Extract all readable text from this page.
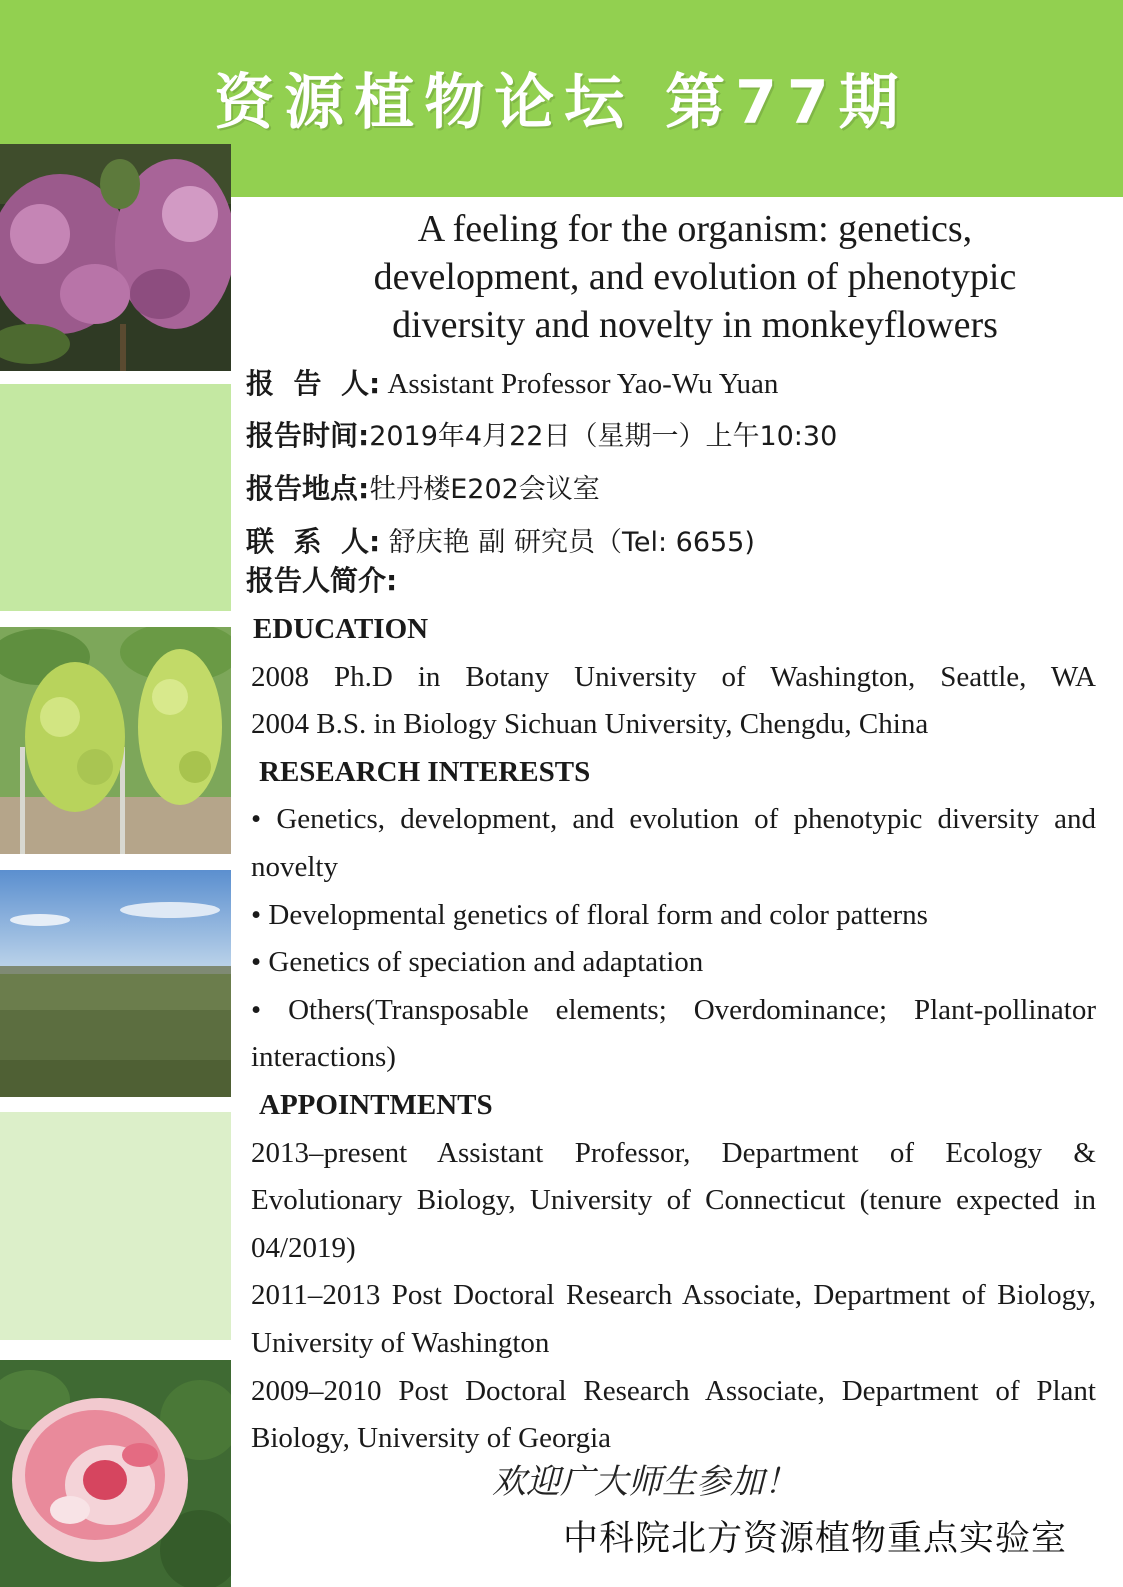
资源植物论坛 第77期
A feeling for the organism: genetics,
development, and evolution of phenotypic
diversity and novelty in monkeyflowers
报  告  人: Assistant Professor Yao-Wu Yuan
报告时间:2019年4月22日（星期一）上午10:30
报告地点:牡丹楼E202会议室
联  系  人: 舒庆艳 副 研究员（Tel: 6655)
报告人简介:
EDUCATION
2008 Ph.D in Botany University of Washington, Seattle, WA
2004 B.S. in Biology Sichuan University, Chengdu, China
RESEARCH INTERESTS
• Genetics, development, and evolution of phenotypic diversity and novelty
• Developmental genetics of floral form and color patterns
• Genetics of speciation and adaptation
• Others(Transposable elements; Overdominance; Plant-pollinator interactions)
APPOINTMENTS
2013–present Assistant Professor, Department of Ecology & Evolutionary Biology, University of Connecticut (tenure expected in 04/2019)
2011–2013 Post Doctoral Research Associate, Department of Biology, University of Washington
2009–2010 Post Doctoral Research Associate, Department of Plant Biology, University of Georgia
欢迎广大师生参加！
中科院北方资源植物重点实验室
